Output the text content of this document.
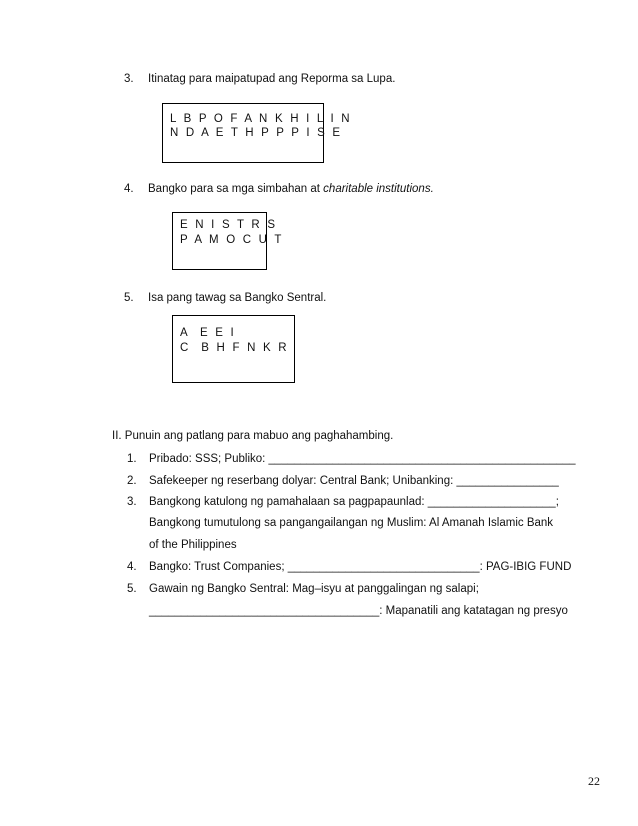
3. Itinatag para maipatupad ang Reporma sa Lupa.
L B P O F A N K H I L I N
N D A E T H P P P I S E
4. Bangko para sa mga simbahan at charitable institutions.
E N I S T R S
P A M O C U T
5. Isa pang tawag sa Bangko Sentral.
A  E E I
C  B H F N K R
II. Punuin ang patlang para mabuo ang paghahambing.
1. Pribado: SSS; Publiko: ________________________________________________
2. Safekeeper ng reserbang dolyar: Central Bank; Unibanking: ________________
3. Bangkong katulong ng pamahalaan sa pagpapaunlad: ____________________;
Bangkong tumutulong sa pangangailangan ng Muslim: Al Amanah Islamic Bank
of the Philippines
4. Bangko: Trust Companies; ______________________________: PAG-IBIG FUND
5. Gawain ng Bangko Sentral: Mag–isyu at panggalingan ng salapi;
____________________________________: Mapanatili ang katatagan ng presyo
22
